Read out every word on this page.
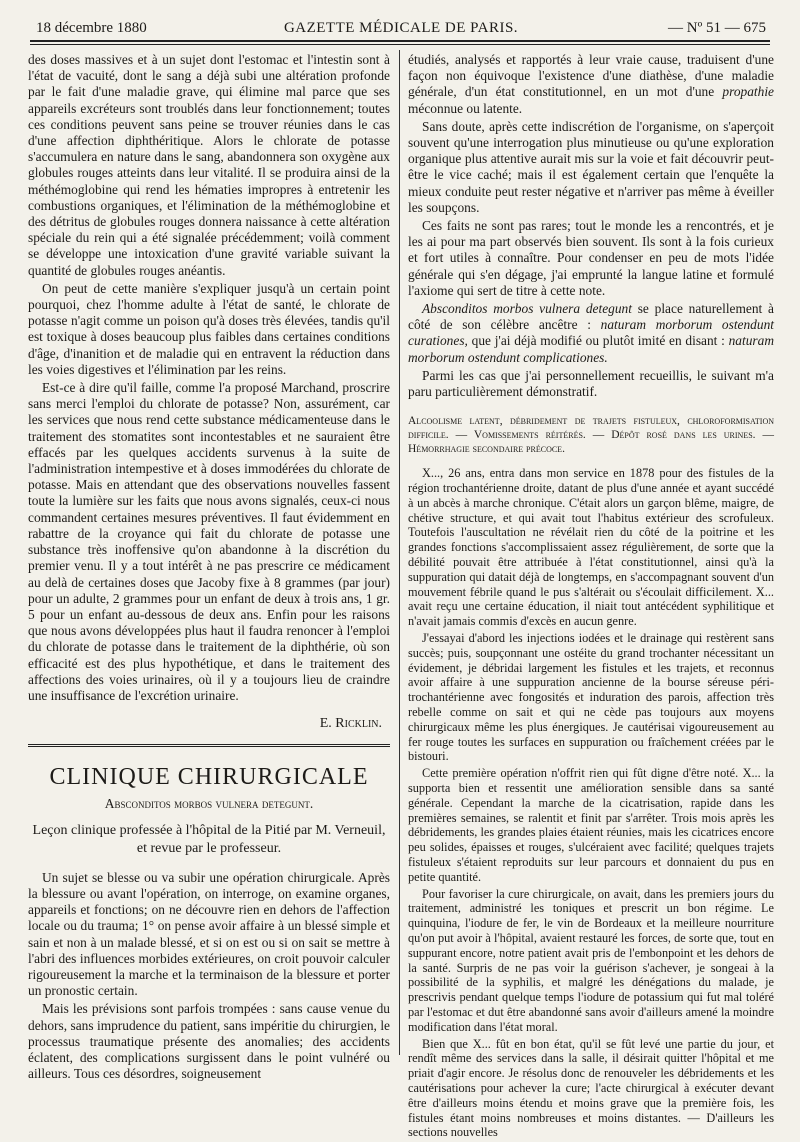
18 décembre 1880	GAZETTE MÉDICALE DE PARIS.	— Nº 51 — 675

des doses massives et à un sujet dont l'estomac et l'intestin sont à l'état de vacuité, dont le sang a déjà subi une altération profonde par le fait d'une maladie grave, qui élimine mal parce que ses appareils excréteurs sont troublés dans leur fonctionnement; toutes ces conditions peuvent sans peine se trouver réunies dans le cas d'une affection diphthéritique. Alors le chlorate de potasse s'accumulera en nature dans le sang, abandonnera son oxygène aux globules rouges atteints dans leur vitalité. Il se produira ainsi de la méthémoglobine qui rend les hématies impropres à entretenir les combustions organiques, et l'élimination de la méthémoglobine et des détritus de globules rouges donnera naissance à cette altération spéciale du rein qui a été signalée précédemment; voilà comment se développe une intoxication d'une gravité variable suivant la quantité de globules rouges anéantis.

On peut de cette manière s'expliquer jusqu'à un certain point pourquoi, chez l'homme adulte à l'état de santé, le chlorate de potasse n'agit comme un poison qu'à doses très élevées, tandis qu'il est toxique à doses beaucoup plus faibles dans certaines conditions d'âge, d'inanition et de maladie qui en entravent la réduction dans les voies digestives et l'élimination par les reins.

Est-ce à dire qu'il faille, comme l'a proposé Marchand, proscrire sans merci l'emploi du chlorate de potasse? Non, assurément, car les services que nous rend cette substance médicamenteuse dans le traitement des stomatites sont incontestables et ne sauraient être effacés par les quelques accidents survenus à la suite de l'administration intempestive et à doses immodérées du chlorate de potasse. Mais en attendant que des observations nouvelles fassent toute la lumière sur les faits que nous avons signalés, ceux-ci nous commandent certaines mesures préventives. Il faut évidemment en rabattre de la croyance qui fait du chlorate de potasse une substance très inoffensive qu'on abandonne à la discrétion du premier venu. Il y a tout intérêt à ne pas prescrire ce médicament au delà de certaines doses que Jacoby fixe à 8 grammes (par jour) pour un adulte, 2 grammes pour un enfant de deux à trois ans, 1 gr. 5 pour un enfant au-dessous de deux ans. Enfin pour les raisons que nous avons développées plus haut il faudra renoncer à l'emploi du chlorate de potasse dans le traitement de la diphthérie, où son efficacité est des plus hypothétique, et dans le traitement des affections des voies urinaires, où il y a toujours lieu de craindre une insuffisance de l'excrétion urinaire.

E. Ricklin.
CLINIQUE CHIRURGICALE
Absconditos morbos vulnera detegunt.
Leçon clinique professée à l'hôpital de la Pitié par M. Verneuil, et revue par le professeur.

Un sujet se blesse ou va subir une opération chirurgicale. Après la blessure ou avant l'opération, on interroge, on examine organes, appareils et fonctions; on ne découvre rien en dehors de l'affection locale ou du trauma; 1° on pense avoir affaire à un blessé simple et sain et non à un malade blessé, et si on est ou si on sait se mettre à l'abri des influences morbides extérieures, on croit pouvoir calculer rigoureusement la marche et la terminaison de la blessure et porter un pronostic certain.

Mais les prévisions sont parfois trompées : sans cause venue du dehors, sans imprudence du patient, sans impéritie du chirurgien, le processus traumatique présente des anomalies; des accidents éclatent, des complications surgissent dans le point vulnéré ou ailleurs. Tous ces désordres, soigneusement

étudiés, analysés et rapportés à leur vraie cause, traduisent d'une façon non équivoque l'existence d'une diathèse, d'une maladie générale, d'un état constitutionnel, en un mot d'une propathie méconnue ou latente.

Sans doute, après cette indiscrétion de l'organisme, on s'aperçoit souvent qu'une interrogation plus minutieuse ou qu'une exploration organique plus attentive aurait mis sur la voie et fait découvrir peut-être le vice caché; mais il est également certain que l'enquête la mieux conduite peut rester négative et n'arriver pas même à éveiller les soupçons.

Ces faits ne sont pas rares; tout le monde les a rencontrés, et je les ai pour ma part observés bien souvent. Ils sont à la fois curieux et fort utiles à connaître. Pour condenser en peu de mots l'idée générale qui s'en dégage, j'ai emprunté la langue latine et formulé l'axiome qui sert de titre à cette note.

Absconditos morbos vulnera detegunt se place naturellement à côté de son célèbre ancêtre : naturam morborum ostendunt curationes, que j'ai déjà modifié ou plutôt imité en disant : naturam morborum ostendunt complicationes.

Parmi les cas que j'ai personnellement recueillis, le suivant m'a paru particulièrement démonstratif.

Alcoolisme latent, débridement de trajets fistuleux, chloroformisation difficile. — Vomissements réitérés. — Dépôt rosé dans les urines. — Hémorrhagie secondaire précoce.

X..., 26 ans, entra dans mon service en 1878 pour des fistules de la région trochantérienne droite, datant de plus d'une année et ayant succédé à un abcès à marche chronique. C'était alors un garçon blême, maigre, de chétive structure, et qui avait tout l'habitus extérieur des scrofuleux. Toutefois l'auscultation ne révélait rien du côté de la poitrine et les grandes fonctions s'accomplissaient assez régulièrement, de sorte que la débilité pouvait être attribuée à l'état constitutionnel, ainsi qu'à la suppuration qui datait déjà de longtemps, en s'accompagnant souvent d'un mouvement fébrile quand le pus s'altérait ou s'écoulait difficilement. X... avait reçu une certaine éducation, il niait tout antécédent syphilitique et n'avait jamais commis d'excès en aucun genre.

J'essayai d'abord les injections iodées et le drainage qui restèrent sans succès; puis, soupçonnant une ostéite du grand trochanter nécessitant un évidement, je débridai largement les fistules et les trajets, et reconnus avoir affaire à une suppuration ancienne de la bourse séreuse péri-trochantérienne avec fongosités et induration des parois, affection très rebelle comme on sait et qui ne cède pas toujours aux moyens chirurgicaux même les plus énergiques. Je cautérisai vigoureusement au fer rouge toutes les surfaces en suppuration ou fraîchement créées par le bistouri.

Cette première opération n'offrit rien qui fût digne d'être noté. X... la supporta bien et ressentit une amélioration sensible dans sa santé générale. Cependant la marche de la cicatrisation, rapide dans les premières semaines, se ralentit et finit par s'arrêter. Trois mois après les débridements, les grandes plaies étaient réunies, mais les cicatrices encore peu solides, épaisses et rouges, s'ulcéraient avec facilité; quelques trajets fistuleux s'étaient reproduits sur leur parcours et donnaient du pus en petite quantité.

Pour favoriser la cure chirurgicale, on avait, dans les premiers jours du traitement, administré les toniques et prescrit un bon régime. Le quinquina, l'iodure de fer, le vin de Bordeaux et la meilleure nourriture qu'on put avoir à l'hôpital, avaient restauré les forces, de sorte que, tout en suppurant encore, notre patient avait pris de l'embonpoint et les dehors de la santé. Surpris de ne pas voir la guérison s'achever, je songeai à la possibilité de la syphilis, et malgré les dénégations du malade, je prescrivis pendant quelque temps l'iodure de potassium qui fut mal toléré par l'estomac et dut être abandonné sans avoir d'ailleurs amené la moindre modification dans l'état moral.

Bien que X... fût en bon état, qu'il se fût levé une partie du jour, et rendît même des services dans la salle, il désirait quitter l'hôpital et me priait d'agir encore. Je résolus donc de renouveler les débridements et les cautérisations pour achever la cure; l'acte chirurgical à exécuter devant être d'ailleurs moins étendu et moins grave que la première fois, les fistules étant moins nombreuses et moins distantes. — D'ailleurs les sections nouvelles
